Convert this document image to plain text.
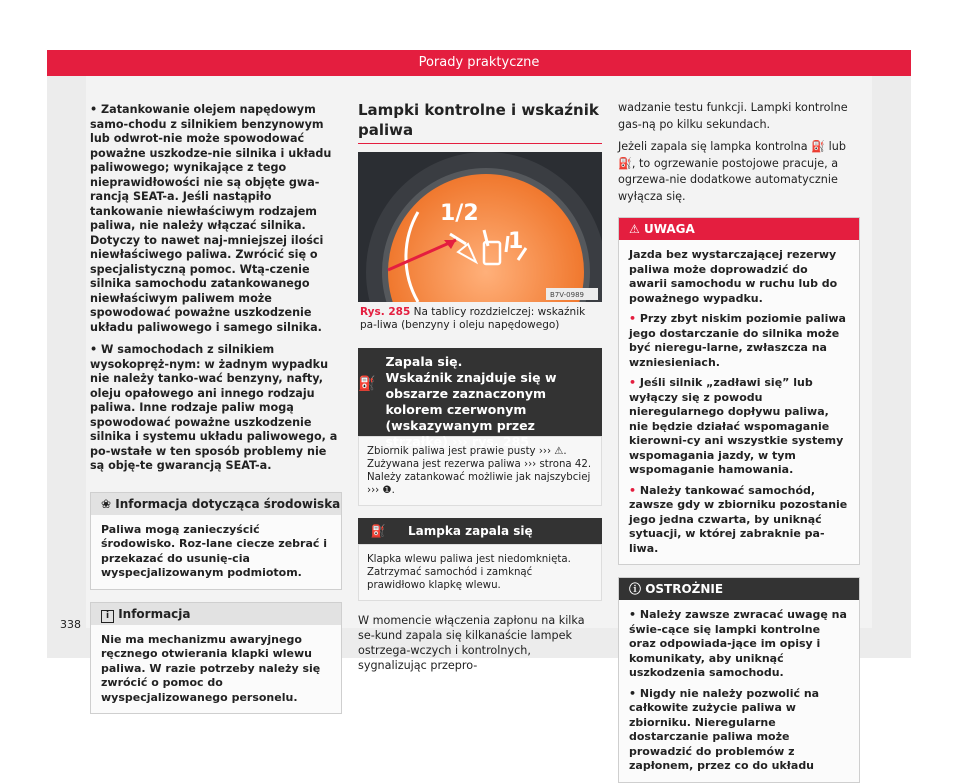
Porady praktyczne

• Zatankowanie olejem napędowym samo-chodu z silnikiem benzynowym lub odwrot-nie może spowodować poważne uszkodze-nie silnika i układu paliwowego; wynikające z tego nieprawidłowości nie są objęte gwa-rancją SEAT-a. Jeśli nastąpiło tankowanie niewłaściwym rodzajem paliwa, nie należy włączać silnika. Dotyczy to nawet naj-mniejszej ilości niewłaściwego paliwa. Zwrócić się o specjalistyczną pomoc. Wtą-czenie silnika samochodu zatankowanego niewłaściwym paliwem może spowodować poważne uszkodzenie układu paliwowego i samego silnika.

• W samochodach z silnikiem wysokopręż-nym: w żadnym wypadku nie należy tanko-wać benzyny, nafty, oleju opałowego ani innego rodzaju paliwa. Inne rodzaje paliw mogą spowodować poważne uszkodzenie silnika i systemu układu paliwowego, a po-wstałe w ten sposób problemy nie są obję-te gwarancją SEAT-a.

❀ Informacja dotycząca środowiska
Paliwa mogą zanieczyścić środowisko. Roz-lane ciecze zebrać i przekazać do usunię-cia wyspecjalizowanym podmiotom.
i Informacja
Nie ma mechanizmu awaryjnego ręcznego otwierania klapki wlewu paliwa. W razie potrzeby należy się zwrócić o pomoc do wyspecjalizowanego personelu.
Lampki kontrolne i wskaźnik paliwa
1/2
1
B7V-0989
Rys. 285 Na tablicy rozdzielczej: wskaźnik pa-liwa (benzyny i oleju napędowego)
⛽
Zapala się.
Wskaźnik znajduje się w obszarze zaznaczonym kolorem czerwonym (wskazywanym przez strzałkę) ››› rys. 285
Zbiornik paliwa jest prawie pusty ››› ⚠. Zużywana jest rezerwa paliwa ››› strona 42.
Należy zatankować możliwie jak najszybciej ››› ❶.
⛽	Lampka zapala się
Klapka wlewu paliwa jest niedomknięta. Zatrzymać samochód i zamknąć prawidłowo klapkę wlewu.

W momencie włączenia zapłonu na kilka se-kund zapala się kilkanaście lampek ostrzega-wczych i kontrolnych, sygnalizując przepro-

wadzanie testu funkcji. Lampki kontrolne gas-ną po kilku sekundach.

Jeżeli zapala się lampka kontrolna ⛽ lub ⛽, to ogrzewanie postojowe pracuje, a ogrzewa-nie dodatkowe automatycznie wyłącza się.

⚠ UWAGA
Jazda bez wystarczającej rezerwy paliwa może doprowadzić do awarii samochodu w ruchu lub do poważnego wypadku.
• Przy zbyt niskim poziomie paliwa jego dostarczanie do silnika może być nieregu-larne, zwłaszcza na wzniesieniach.
• Jeśli silnik „zadławi się” lub wyłączy się z powodu nieregularnego dopływu paliwa, nie będzie działać wspomaganie kierowni-cy ani wszystkie systemy wspomagania jazdy, w tym wspomaganie hamowania.
• Należy tankować samochód, zawsze gdy w zbiorniku pozostanie jego jedna czwarta, by uniknąć sytuacji, w której zabraknie pa-liwa.
ⓘ OSTROŻNIE
• Należy zawsze zwracać uwagę na świe-cące się lampki kontrolne oraz odpowiada-jące im opisy i komunikaty, aby uniknąć uszkodzenia samochodu.
• Nigdy nie należy pozwolić na całkowite zużycie paliwa w zbiorniku. Nieregularne dostarczanie paliwa może prowadzić do problemów z zapłonem, przez co do układu
338
